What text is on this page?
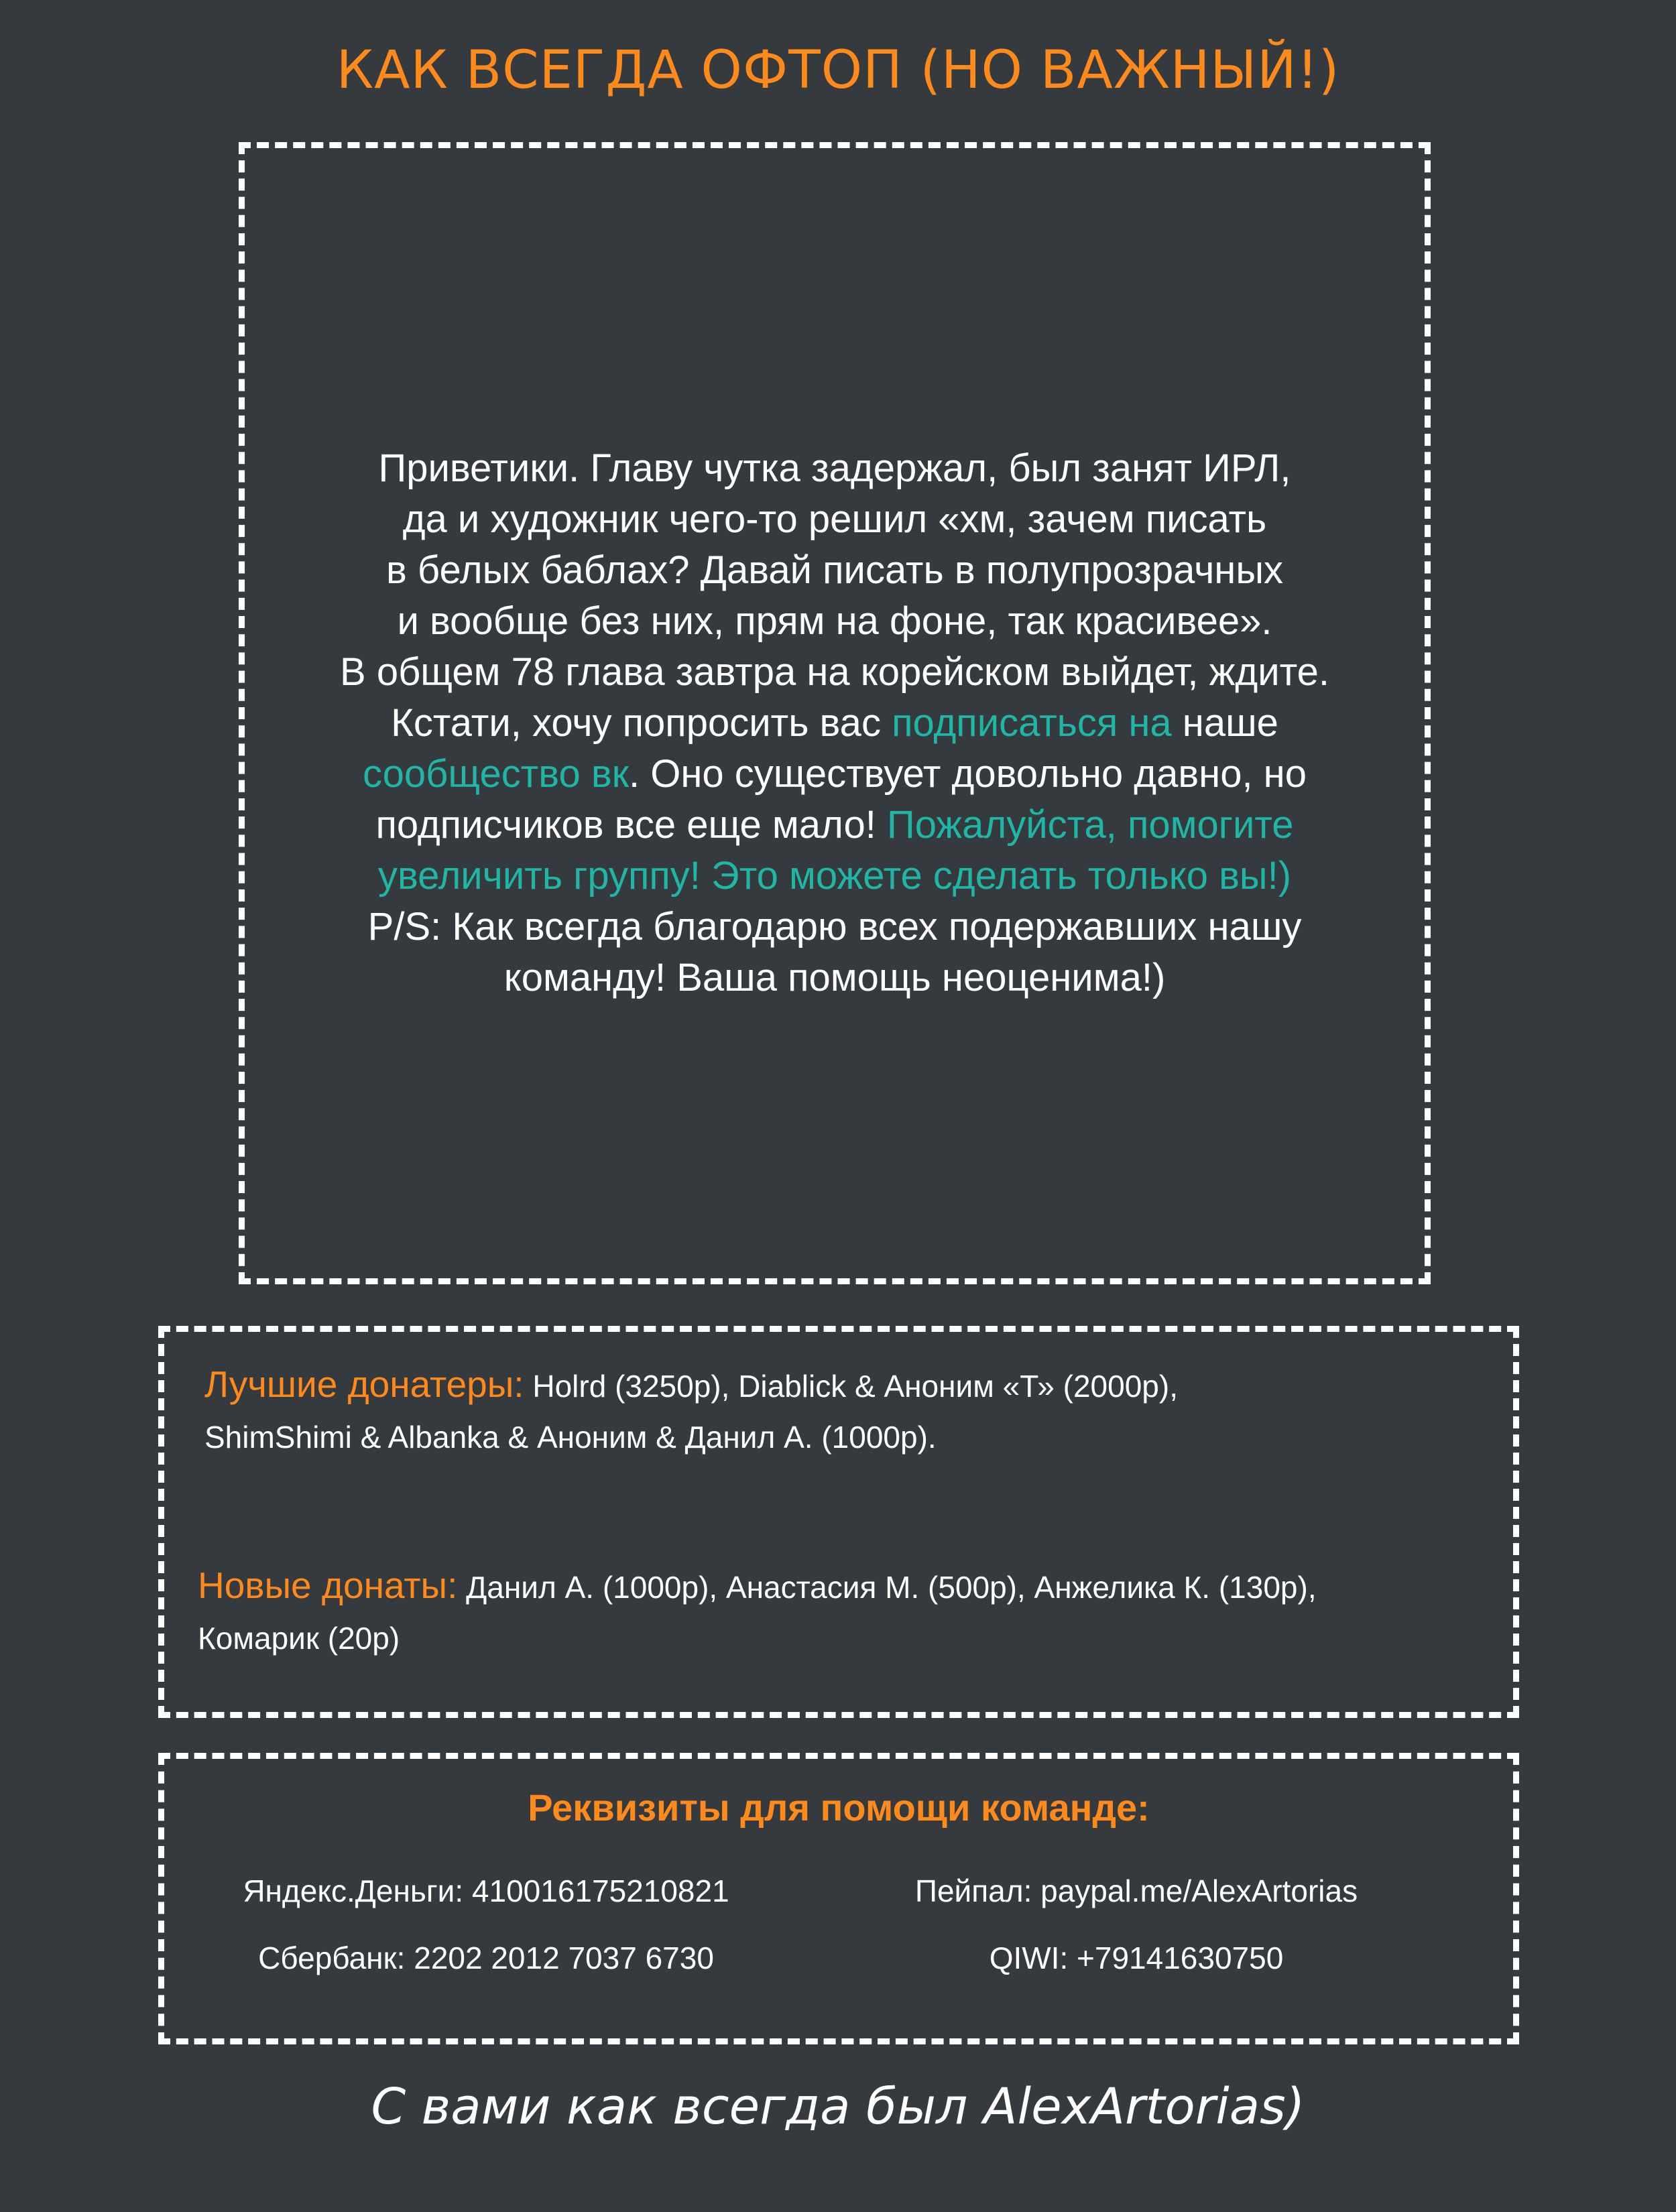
КАК ВСЕГДА ОФТОП (НО ВАЖНЫЙ!)
Приветики. Главу чутка задержал, был занят ИРЛ,
да и художник чего-то решил «хм, зачем писать
в белых баблах? Давай писать в полупрозрачных
и вообще без них, прям на фоне, так красивее».
В общем 78 глава завтра на корейском выйдет, ждите.
Кстати, хочу попросить вас подписаться на наше
сообщество вк. Оно существует довольно давно, но
подписчиков все еще мало! Пожалуйста, помогите
увеличить группу! Это можете сделать только вы!)
P/S: Как всегда благодарю всех подержавших нашу
команду! Ваша помощь неоценима!)
Лучшие донатеры: Holrd (3250р), Diablick & Аноним «Т» (2000р),
ShimShimi & Albanka & Аноним & Данил А. (1000р).
Новые донаты: Данил А. (1000р), Анастасия М. (500р), Анжелика К. (130р),
Комарик (20р)
Реквизиты для помощи команде:
Яндекс.Деньги: 410016175210821	Пейпал: paypal.me/AlexArtorias
Сбербанк: 2202 2012 7037 6730	QIWI: +79141630750
С вами как всегда был AlexArtorias)
